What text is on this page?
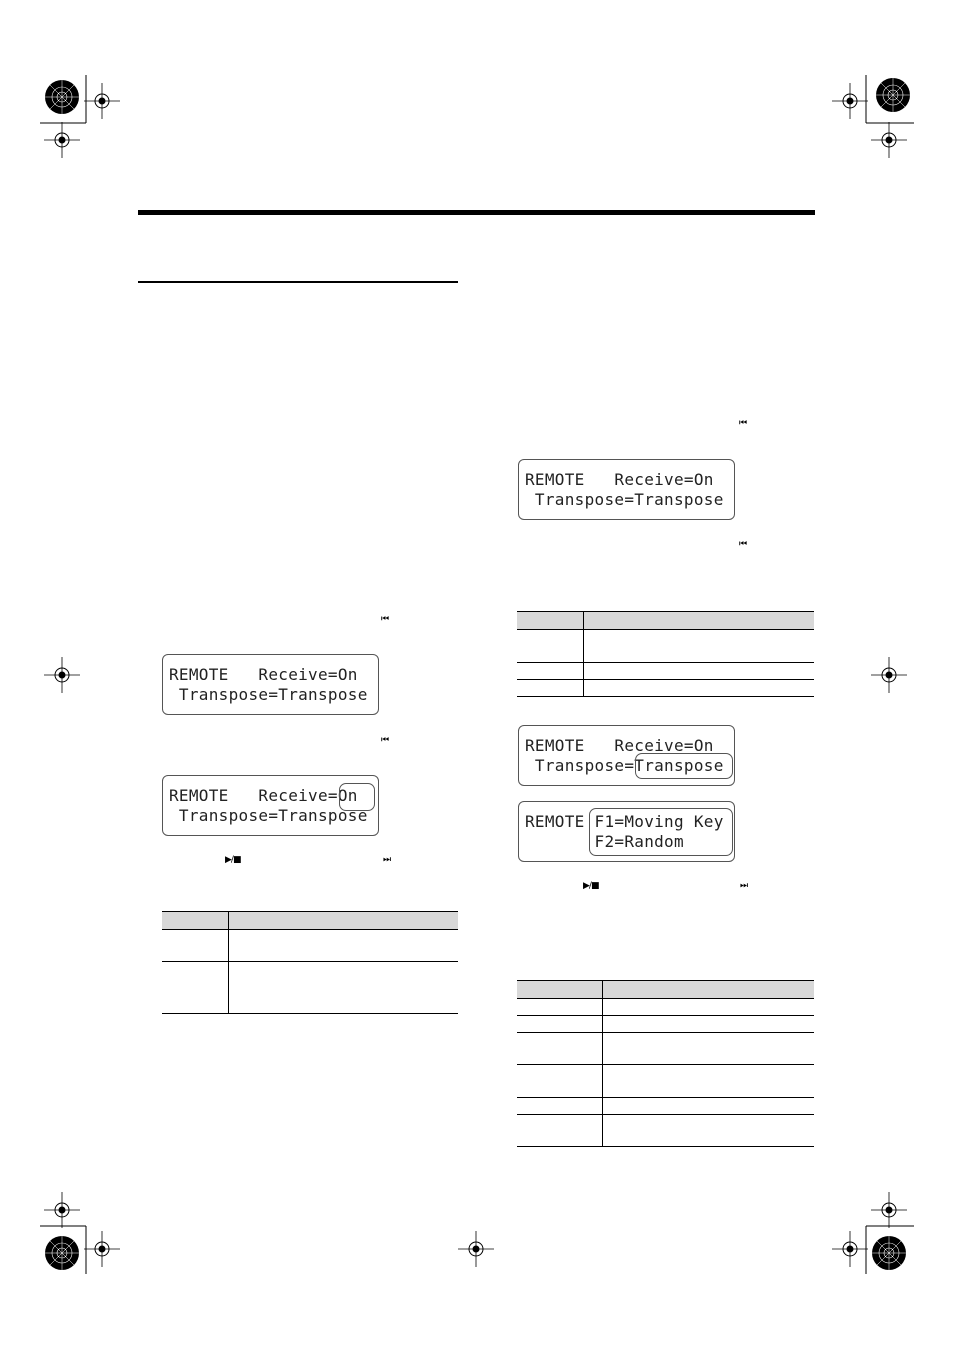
⏮
REMOTE   Receive=On
Transpose=Transpose
⏮
REMOTE   Receive=On
Transpose=Transpose
▶/■	⏭

⏮
REMOTE   Receive=On
Transpose=Transpose
⏮

REMOTE   Receive=On
Transpose=Transpose
REMOTE F1=Moving Key
F2=Random
▶/■	⏭
